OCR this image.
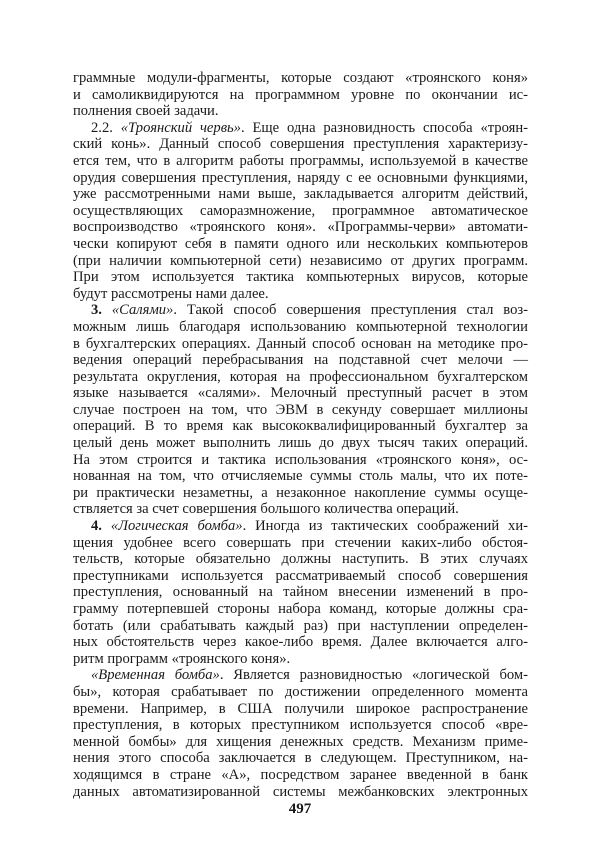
граммные модули-фрагменты, которые создают «троянского коня»
и самоликвидируются на программном уровне по окончании ис-
полнения своей задачи.
2.2. «Троянский червь». Еще одна разновидность способа «троян-
ский конь». Данный способ совершения преступления характеризу-
ется тем, что в алгоритм работы программы, используемой в качестве
орудия совершения преступления, наряду с ее основными функциями,
уже рассмотренными нами выше, закладывается алгоритм действий,
осуществляющих саморазмножение, программное автоматическое
воспроизводство «троянского коня». «Программы-черви» автомати-
чески копируют себя в памяти одного или нескольких компьютеров
(при наличии компьютерной сети) независимо от других программ.
При этом используется тактика компьютерных вирусов, которые
будут рассмотрены нами далее.
3. «Салями». Такой способ совершения преступления стал воз-
можным лишь благодаря использованию компьютерной технологии
в бухгалтерских операциях. Данный способ основан на методике про-
ведения операций перебрасывания на подставной счет мелочи —
результата округления, которая на профессиональном бухгалтерском
языке называется «салями». Мелочный преступный расчет в этом
случае построен на том, что ЭВМ в секунду совершает миллионы
операций. В то время как высококвалифицированный бухгалтер за
целый день может выполнить лишь до двух тысяч таких операций.
На этом строится и тактика использования «троянского коня», ос-
нованная на том, что отчисляемые суммы столь малы, что их поте-
ри практически незаметны, а незаконное накопление суммы осуще-
ствляется за счет совершения большого количества операций.
4. «Логическая бомба». Иногда из тактических соображений хи-
щения удобнее всего совершать при стечении каких-либо обстоя-
тельств, которые обязательно должны наступить. В этих случаях
преступниками используется рассматриваемый способ совершения
преступления, основанный на тайном внесении изменений в про-
грамму потерпевшей стороны набора команд, которые должны сра-
ботать (или срабатывать каждый раз) при наступлении определен-
ных обстоятельств через какое-либо время. Далее включается алго-
ритм программ «троянского коня».
«Временная бомба». Является разновидностью «логической бом-
бы», которая срабатывает по достижении определенного момента
времени. Например, в США получили широкое распространение
преступления, в которых преступником используется способ «вре-
менной бомбы» для хищения денежных средств. Механизм приме-
нения этого способа заключается в следующем. Преступником, на-
ходящимся в стране «А», посредством заранее введенной в банк
данных автоматизированной системы межбанковских электронных
497
